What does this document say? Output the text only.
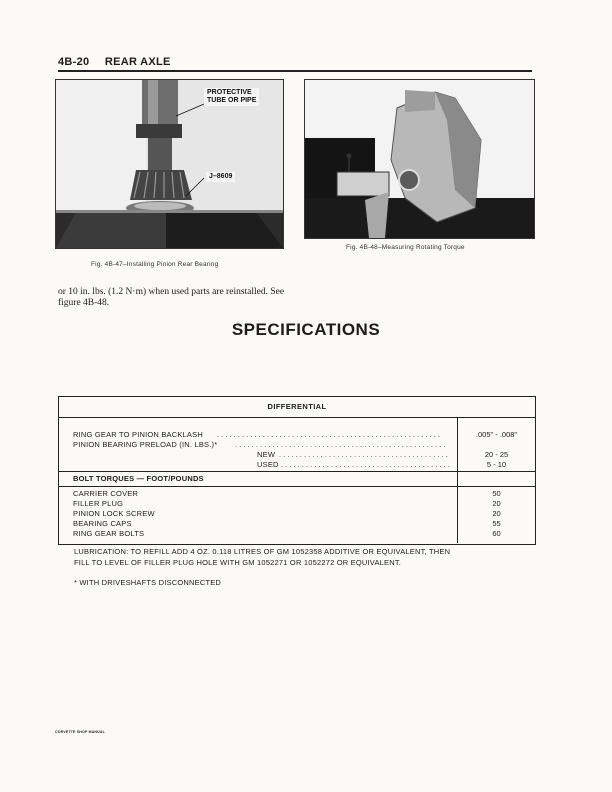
4B-20 REAR AXLE
PROTECTIVE
TUBE OR PIPE
J–8609
Fig. 4B-47–Installing Pinion Rear Bearing
Fig. 4B-48–Measuring Rotating Torque
or 10 in. lbs. (1.2 N·m) when used parts are reinstalled. See
figure 4B-48.
SPECIFICATIONS
DIFFERENTIAL
RING GEAR TO PINION BACKLASH . . . . . . . . . . . . . . . . . . . . . . . . . . . . . . . . . . . . . . . . . . . . . . . . . . . . . .	.005" - .008"
PINION BEARING PRELOAD (IN. LBS.)* . . . . . . . . . . . . . . . . . . . . . . . . . . . . . . . . . . . . . . . . . . . . . . . . . . .
NEW . . . . . . . . . . . . . . . . . . . . . . . . . . . . . . . . . . . . . . . . .	20 - 25
USED . . . . . . . . . . . . . . . . . . . . . . . . . . . . . . . . . . . . . . . . .	5 - 10
BOLT TORQUES — FOOT/POUNDS
CARRIER COVER	50
FILLER PLUG	20
PINION LOCK SCREW	20
BEARING CAPS	55
RING GEAR BOLTS	60
LUBRICATION: TO REFILL ADD 4 OZ. 0.118 LITRES OF GM 1052358 ADDITIVE OR EQUIVALENT, THEN
FILL TO LEVEL OF FILLER PLUG HOLE WITH GM 1052271 OR 1052272 OR EQUIVALENT.
* WITH DRIVESHAFTS DISCONNECTED
CORVETTE SHOP MANUAL
